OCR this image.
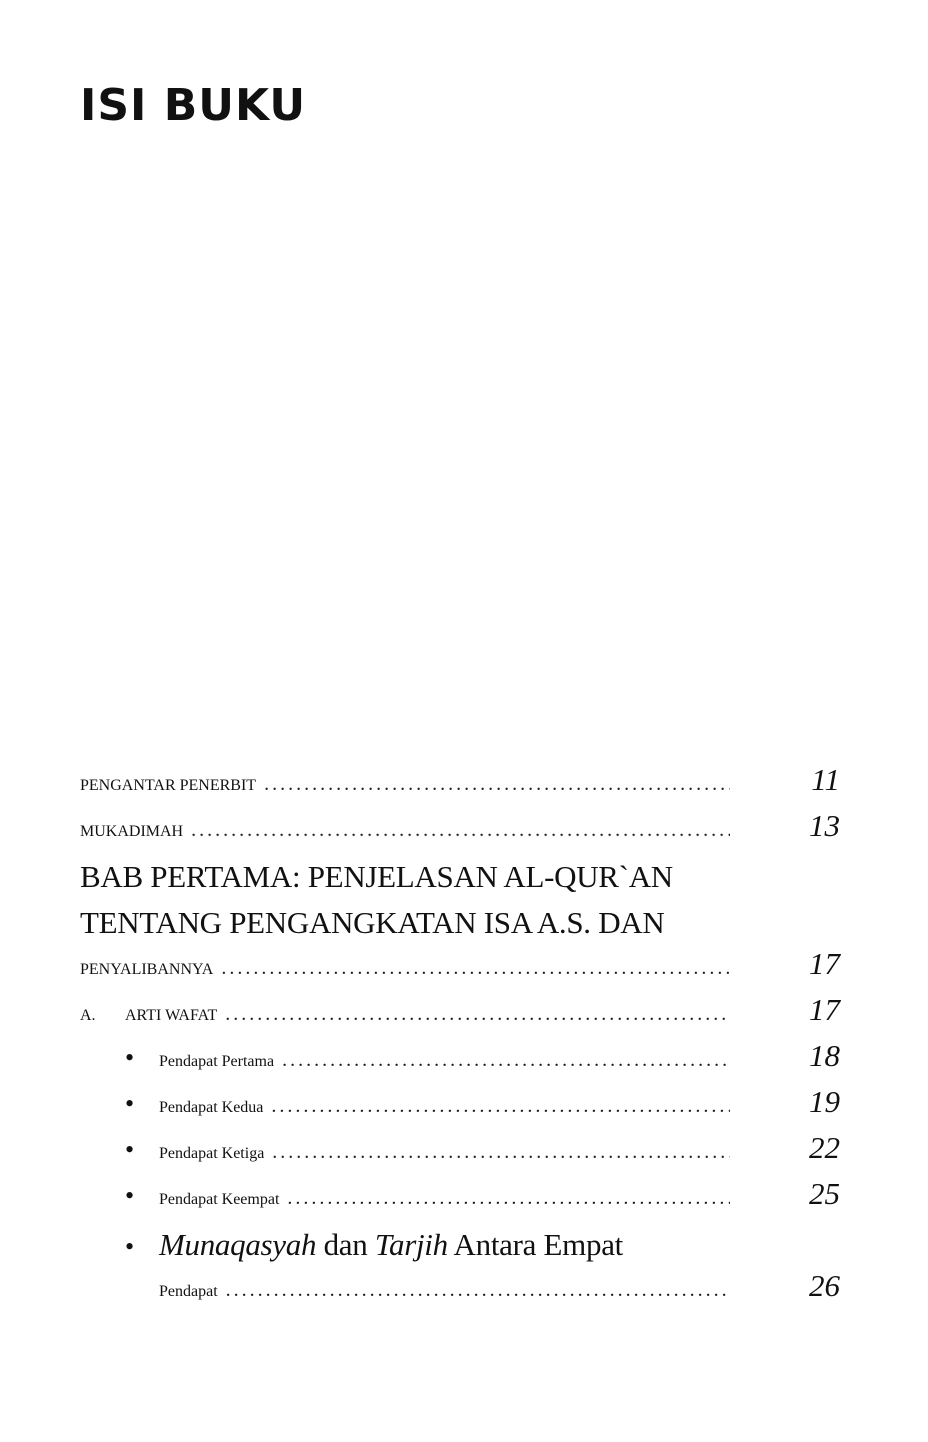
ISI BUKU
PENGANTAR PENERBIT .....	11
MUKADIMAH .....	13
BAB PERTAMA: PENJELASAN AL-QUR`AN
TENTANG PENGANGKATAN ISA A.S. DAN
PENYALIBANNYA .....	17
A.	ARTI WAFAT .....	17
•	Pendapat Pertama .....	18
•	Pendapat Kedua .....	19
•	Pendapat Ketiga .....	22
•	Pendapat Keempat .....	25
• Munaqasyah dan Tarjih Antara Empat
Pendapat .....	26
